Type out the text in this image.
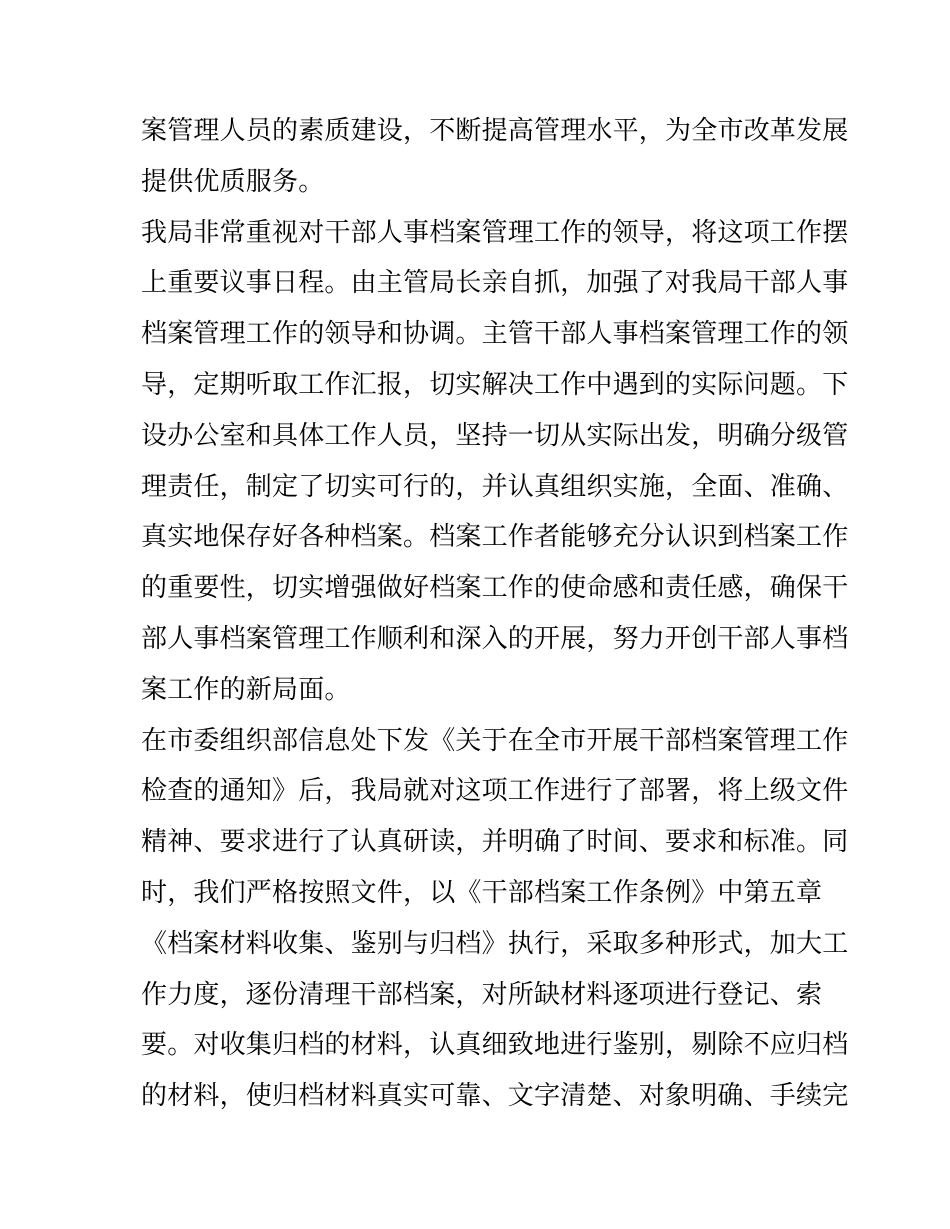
案管理人员的素质建设，不断提高管理水平，为全市改革发展
提供优质服务。
我局非常重视对干部人事档案管理工作的领导，将这项工作摆
上重要议事日程。由主管局长亲自抓，加强了对我局干部人事
档案管理工作的领导和协调。主管干部人事档案管理工作的领
导，定期听取工作汇报，切实解决工作中遇到的实际问题。下
设办公室和具体工作人员，坚持一切从实际出发，明确分级管
理责任，制定了切实可行的，并认真组织实施，全面、准确、
真实地保存好各种档案。档案工作者能够充分认识到档案工作
的重要性，切实增强做好档案工作的使命感和责任感，确保干
部人事档案管理工作顺利和深入的开展，努力开创干部人事档
案工作的新局面。
在市委组织部信息处下发《关于在全市开展干部档案管理工作
检查的通知》后，我局就对这项工作进行了部署，将上级文件
精神、要求进行了认真研读，并明确了时间、要求和标准。同
时，我们严格按照文件，以《干部档案工作条例》中第五章
《档案材料收集、鉴别与归档》执行，采取多种形式，加大工
作力度，逐份清理干部档案，对所缺材料逐项进行登记、索
要。对收集归档的材料，认真细致地进行鉴别，剔除不应归档
的材料，使归档材料真实可靠、文字清楚、对象明确、手续完
